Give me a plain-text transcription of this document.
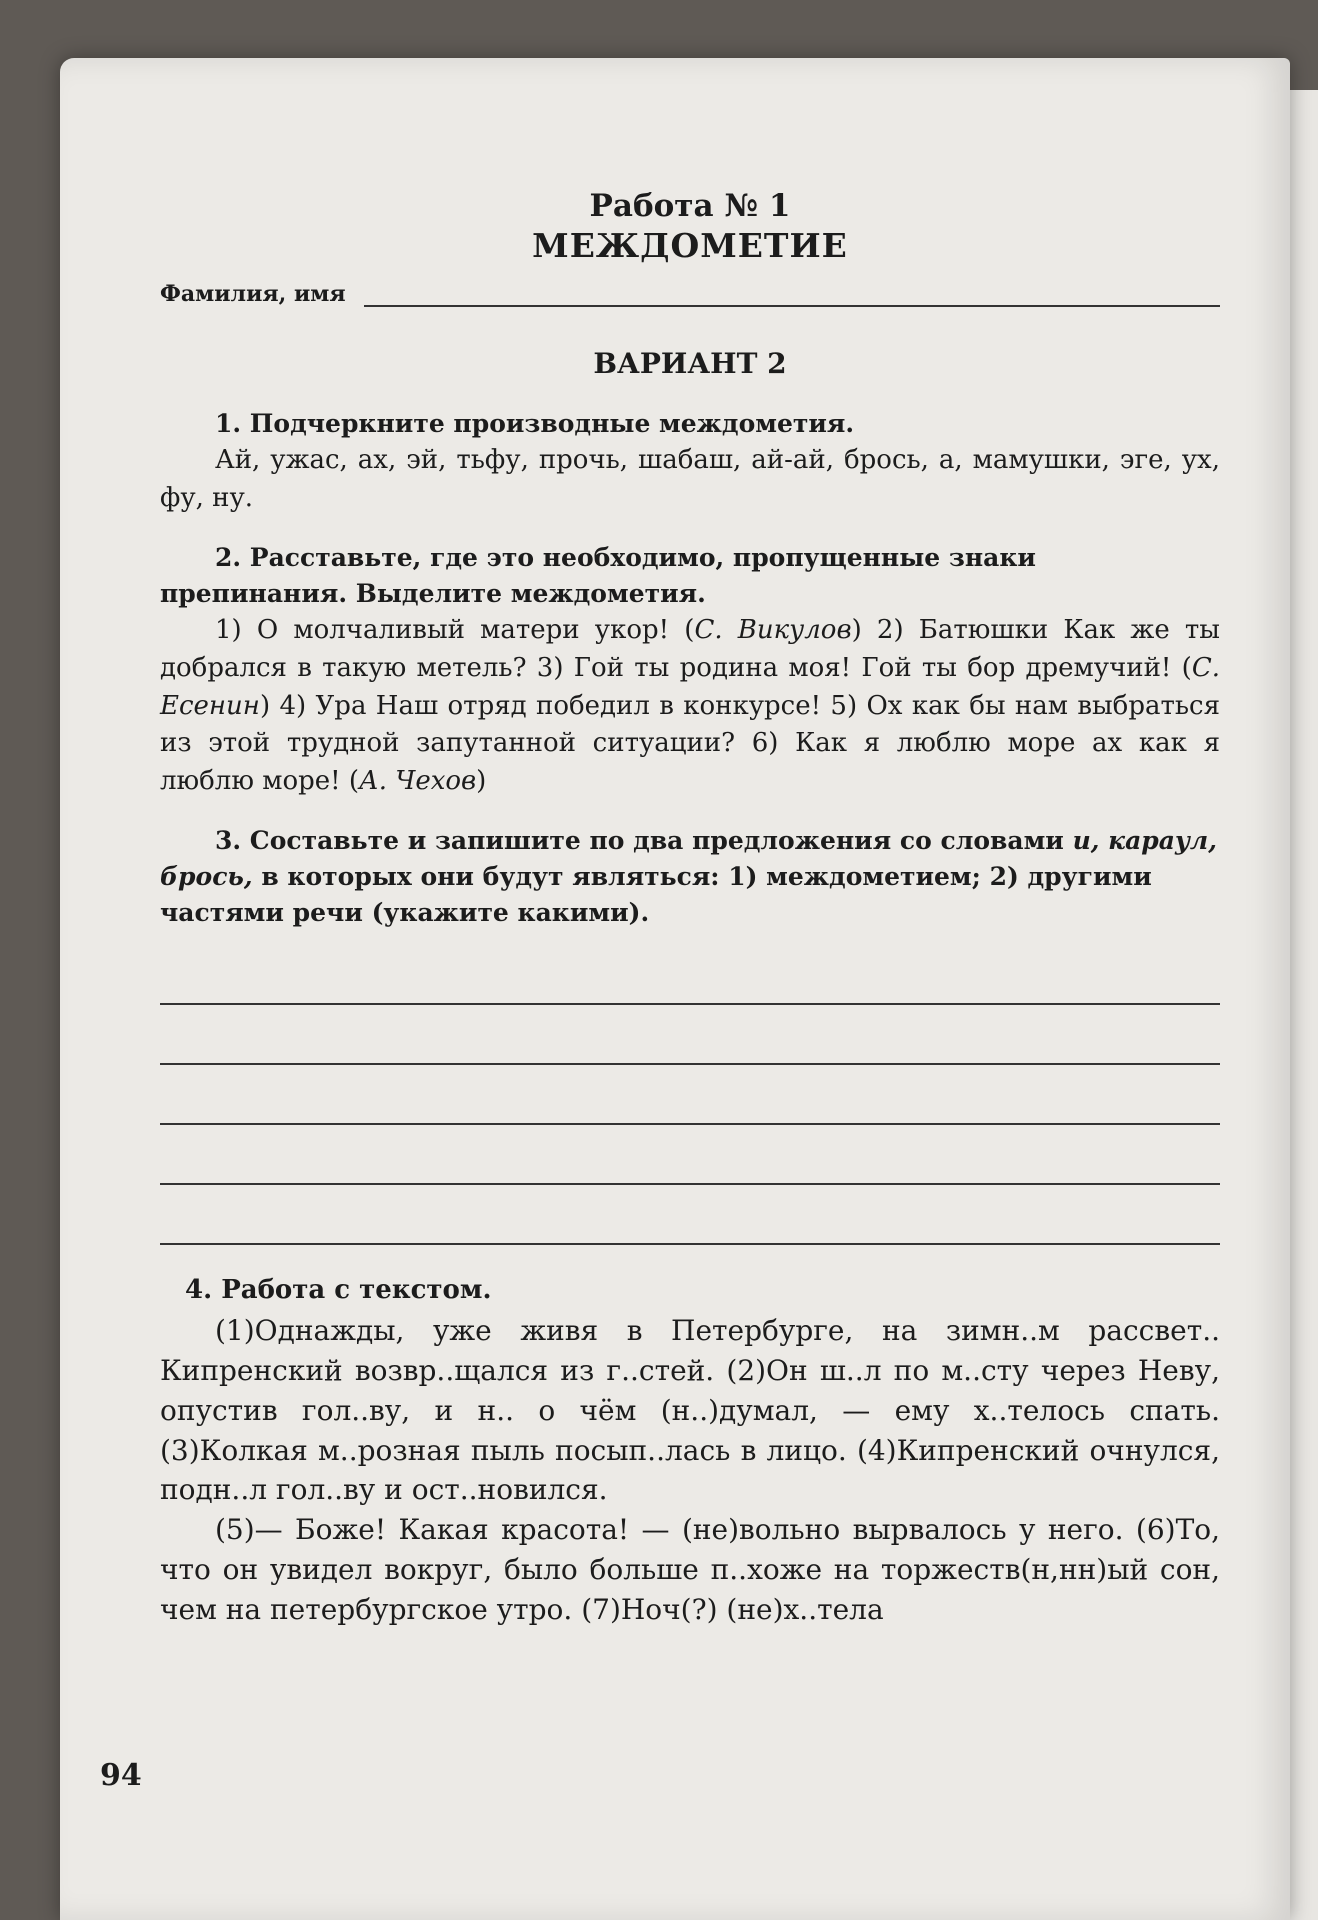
Работа № 1
МЕЖДОМЕТИЕ
Фамилия, имя
ВАРИАНТ 2

1. Подчеркните производные междометия.

Ай, ужас, ах, эй, тьфу, прочь, шабаш, ай-ай, брось, а, мамушки, эге, ух, фу, ну.

2. Расставьте, где это необходимо, пропущенные знаки препинания. Выделите междометия.

1) О молчаливый матери укор! (С. Викулов) 2) Батюшки Как же ты добрался в такую метель? 3) Гой ты родина моя! Гой ты бор дремучий! (С. Есенин) 4) Ура Наш отряд победил в конкурсе! 5) Ох как бы нам выбраться из этой трудной запутанной ситуации? 6) Как я люблю море ах как я люблю море! (А. Чехов)

3. Составьте и запишите по два предложения со словами и, караул, брось, в которых они будут являться: 1) междометием; 2) другими частями речи (укажите какими).

4. Работа с текстом.

(1)Однажды, уже живя в Петербурге, на зимн..м рассвет.. Кипренский возвр..щался из г..стей. (2)Он ш..л по м..сту через Неву, опустив гол..ву, и н.. о чём (н..)думал, — ему х..телось спать. (3)Колкая м..розная пыль посып..лась в лицо. (4)Кипренский очнулся, подн..л гол..ву и ост..новился.

(5)— Боже! Какая красота! — (не)вольно вырвалось у него. (6)То, что он увидел вокруг, было больше п..хоже на торжеств(н,нн)ый сон, чем на петербургское утро. (7)Ноч(?) (не)х..тела

94
